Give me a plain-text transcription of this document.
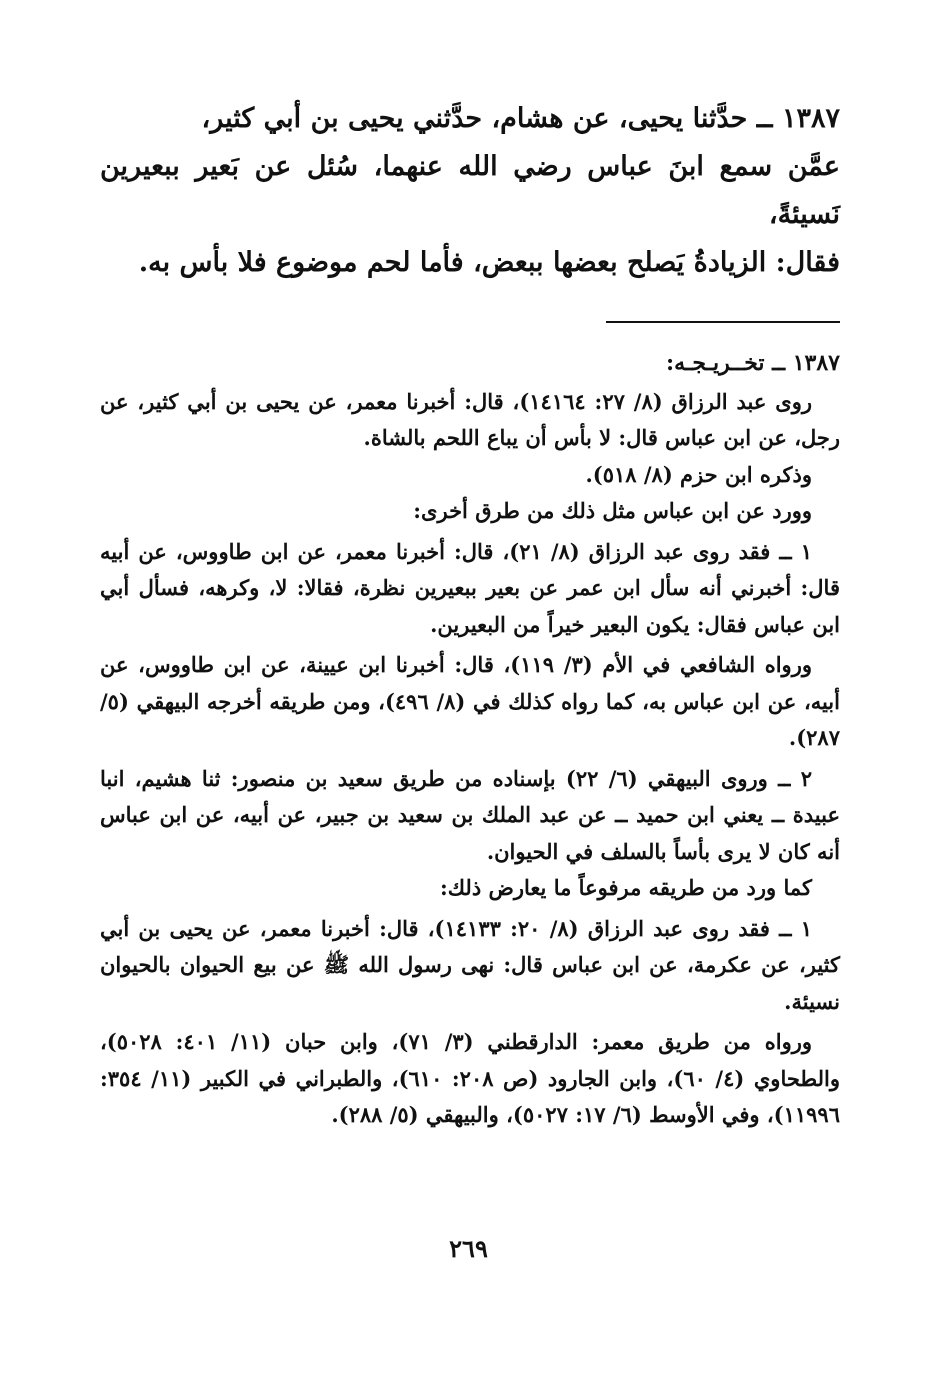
١٣٨٧ ــ حدَّثنا يحيى، عن هشام، حدَّثني يحيى بن أبي كثير،

عمَّن سمع ابنَ عباس رضي الله عنهما، سُئل عن بَعير ببعيرين نَسيئةً،

فقال: الزيادةُ يَصلح بعضها ببعض، فأما لحم موضوع فلا بأس به.

١٣٨٧ ــ تخــريـجـه:

روى عبد الرزاق (٨/ ٢٧: ١٤١٦٤)، قال: أخبرنا معمر، عن يحيى بن أبي كثير، عن رجل، عن ابن عباس قال: لا بأس أن يباع اللحم بالشاة.

وذكره ابن حزم (٨/ ٥١٨).

وورد عن ابن عباس مثل ذلك من طرق أخرى:

١ ــ فقد روى عبد الرزاق (٨/ ٢١)، قال: أخبرنا معمر، عن ابن طاووس، عن أبيه قال: أخبرني أنه سأل ابن عمر عن بعير ببعيرين نظرة، فقالا: لا، وكرهه، فسأل أبي ابن عباس فقال: يكون البعير خيراً من البعيرين.

ورواه الشافعي في الأم (٣/ ١١٩)، قال: أخبرنا ابن عيينة، عن ابن طاووس، عن أبيه، عن ابن عباس به، كما رواه كذلك في (٨/ ٤٩٦)، ومن طريقه أخرجه البيهقي (٥/ ٢٨٧).

٢ ــ وروى البيهقي (٦/ ٢٢) بإسناده من طريق سعيد بن منصور: ثنا هشيم، انبا عبيدة ــ يعني ابن حميد ــ عن عبد الملك بن سعيد بن جبير، عن أبيه، عن ابن عباس أنه كان لا يرى بأساً بالسلف في الحيوان.

كما ورد من طريقه مرفوعاً ما يعارض ذلك:

١ ــ فقد روى عبد الرزاق (٨/ ٢٠: ١٤١٣٣)، قال: أخبرنا معمر، عن يحيى بن أبي كثير، عن عكرمة، عن ابن عباس قال: نهى رسول الله ﷺ عن بيع الحيوان بالحيوان نسيئة.

ورواه من طريق معمر: الدارقطني (٣/ ٧١)، وابن حبان (١١/ ٤٠١: ٥٠٢٨)، والطحاوي (٤/ ٦٠)، وابن الجارود (ص ٢٠٨: ٦١٠)، والطبراني في الكبير (١١/ ٣٥٤: ١١٩٩٦)، وفي الأوسط (٦/ ١٧: ٥٠٢٧)، والبيهقي (٥/ ٢٨٨).

٢٦٩
